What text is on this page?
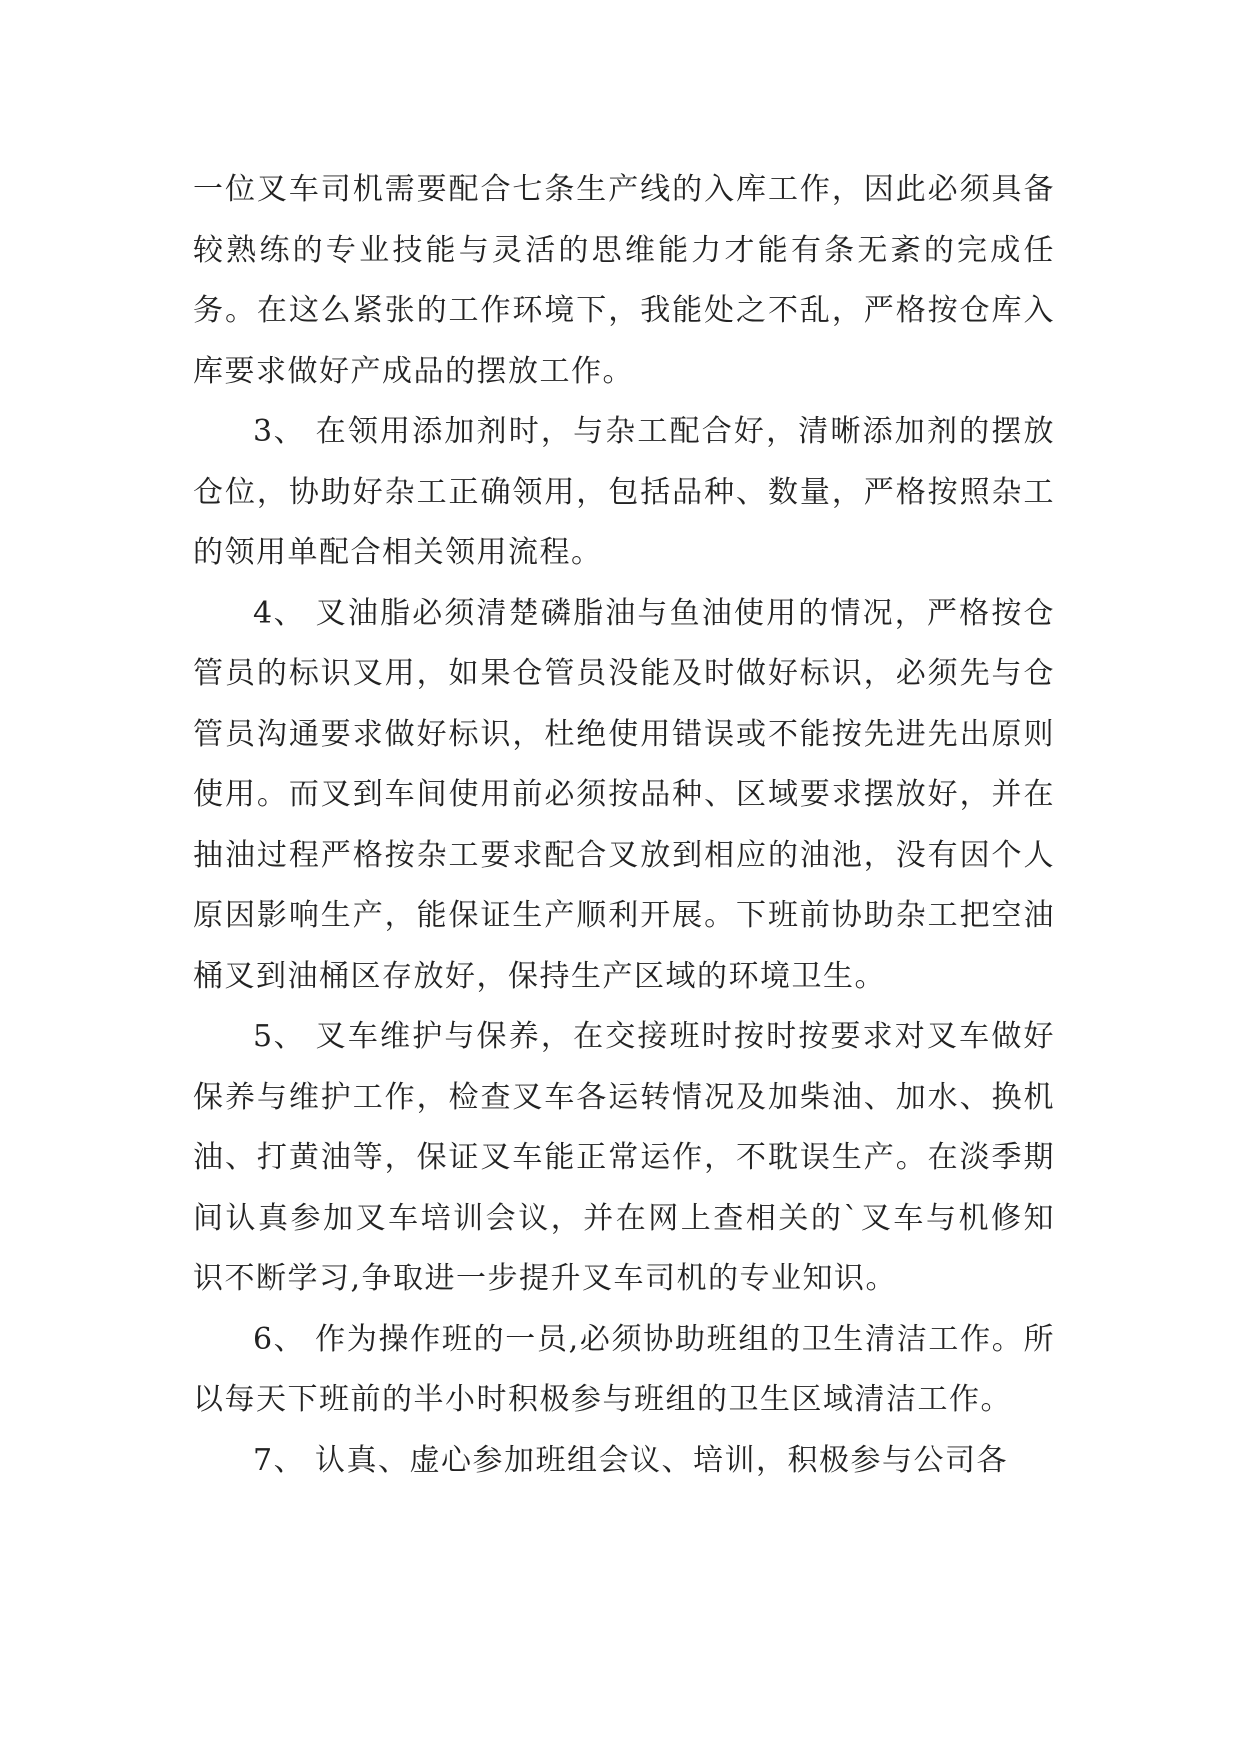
一位叉车司机需要配合七条生产线的入库工作，因此必须具备较熟练的专业技能与灵活的思维能力才能有条无紊的完成任务。在这么紧张的工作环境下，我能处之不乱，严格按仓库入库要求做好产成品的摆放工作。

3、 在领用添加剂时，与杂工配合好，清晰添加剂的摆放仓位，协助好杂工正确领用，包括品种、数量，严格按照杂工的领用单配合相关领用流程。

4、 叉油脂必须清楚磷脂油与鱼油使用的情况，严格按仓管员的标识叉用，如果仓管员没能及时做好标识，必须先与仓管员沟通要求做好标识，杜绝使用错误或不能按先进先出原则使用。而叉到车间使用前必须按品种、区域要求摆放好，并在抽油过程严格按杂工要求配合叉放到相应的油池，没有因个人原因影响生产，能保证生产顺利开展。下班前协助杂工把空油桶叉到油桶区存放好，保持生产区域的环境卫生。

5、 叉车维护与保养，在交接班时按时按要求对叉车做好保养与维护工作，检查叉车各运转情况及加柴油、加水、换机油、打黄油等，保证叉车能正常运作，不耽误生产。在淡季期间认真参加叉车培训会议，并在网上查相关的`叉车与机修知识不断学习,争取进一步提升叉车司机的专业知识。

6、 作为操作班的一员,必须协助班组的卫生清洁工作。所以每天下班前的半小时积极参与班组的卫生区域清洁工作。

7、 认真、虚心参加班组会议、培训，积极参与公司各
